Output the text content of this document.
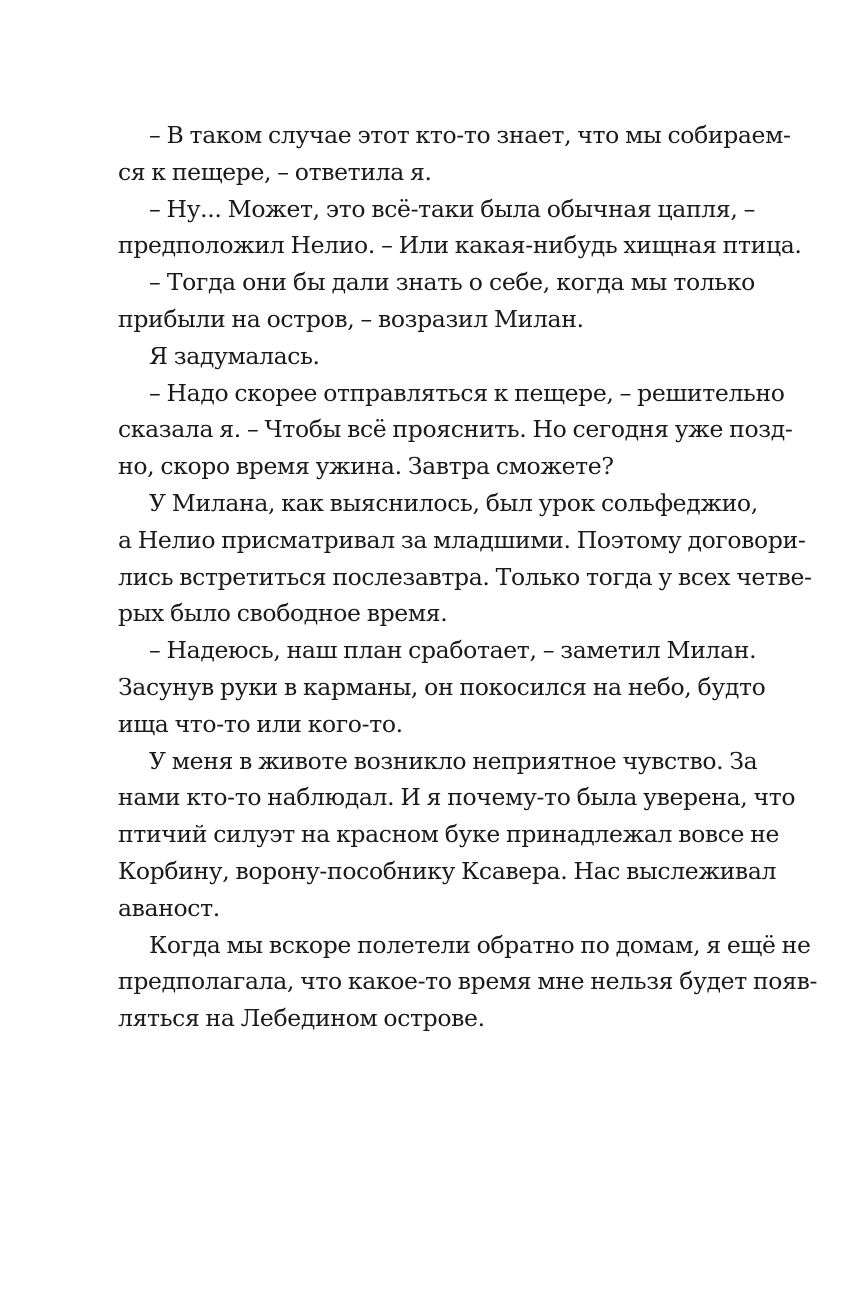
– В таком случае этот кто-то знает, что мы собираем-
ся к пещере, – ответила я.
– Ну... Может, это всё-таки была обычная цапля, –
предположил Нелио. – Или какая-нибудь хищная птица.
– Тогда они бы дали знать о себе, когда мы только
прибыли на остров, – возразил Милан.
Я задумалась.
– Надо скорее отправляться к пещере, – решительно
сказала я. – Чтобы всё прояснить. Но сегодня уже позд-
но, скоро время ужина. Завтра сможете?
У Милана, как выяснилось, был урок сольфеджио,
а Нелио присматривал за младшими. Поэтому договори-
лись встретиться послезавтра. Только тогда у всех четве-
рых было свободное время.
– Надеюсь, наш план сработает, – заметил Милан.
Засунув руки в карманы, он покосился на небо, будто
ища что-то или кого-то.
У меня в животе возникло неприятное чувство. За
нами кто-то наблюдал. И я почему-то была уверена, что
птичий силуэт на красном буке принадлежал вовсе не
Корбину, ворону-пособнику Ксавера. Нас выслеживал
аваност.
Когда мы вскоре полетели обратно по домам, я ещё не
предполагала, что какое-то время мне нельзя будет появ-
ляться на Лебедином острове.
